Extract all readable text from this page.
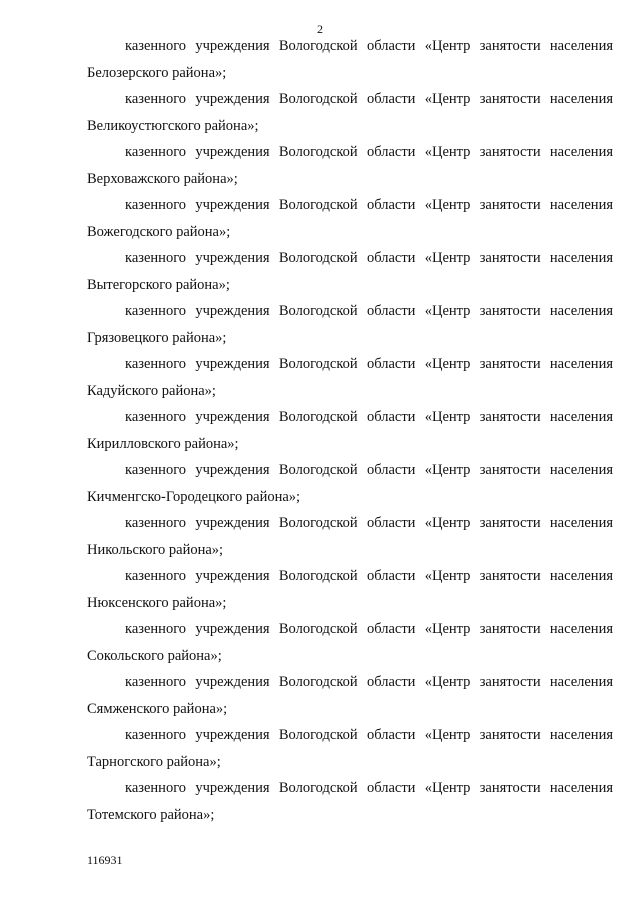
2
казенного учреждения Вологодской области «Центр занятости населения
Белозерского района»;
казенного учреждения Вологодской области «Центр занятости населения
Великоустюгского района»;
казенного учреждения Вологодской области «Центр занятости населения
Верховажского района»;
казенного учреждения Вологодской области «Центр занятости населения
Вожегодского района»;
казенного учреждения Вологодской области «Центр занятости населения
Вытегорского района»;
казенного учреждения Вологодской области «Центр занятости населения
Грязовецкого района»;
казенного учреждения Вологодской области «Центр занятости населения
Кадуйского района»;
казенного учреждения Вологодской области «Центр занятости населения
Кирилловского района»;
казенного учреждения Вологодской области «Центр занятости населения
Кичменгско-Городецкого района»;
казенного учреждения Вологодской области «Центр занятости населения
Никольского района»;
казенного учреждения Вологодской области «Центр занятости населения
Нюксенского района»;
казенного учреждения Вологодской области «Центр занятости населения
Сокольского района»;
казенного учреждения Вологодской области «Центр занятости населения
Сямженского района»;
казенного учреждения Вологодской области «Центр занятости населения
Тарногского района»;
казенного учреждения Вологодской области «Центр занятости населения
Тотемского района»;
116931
